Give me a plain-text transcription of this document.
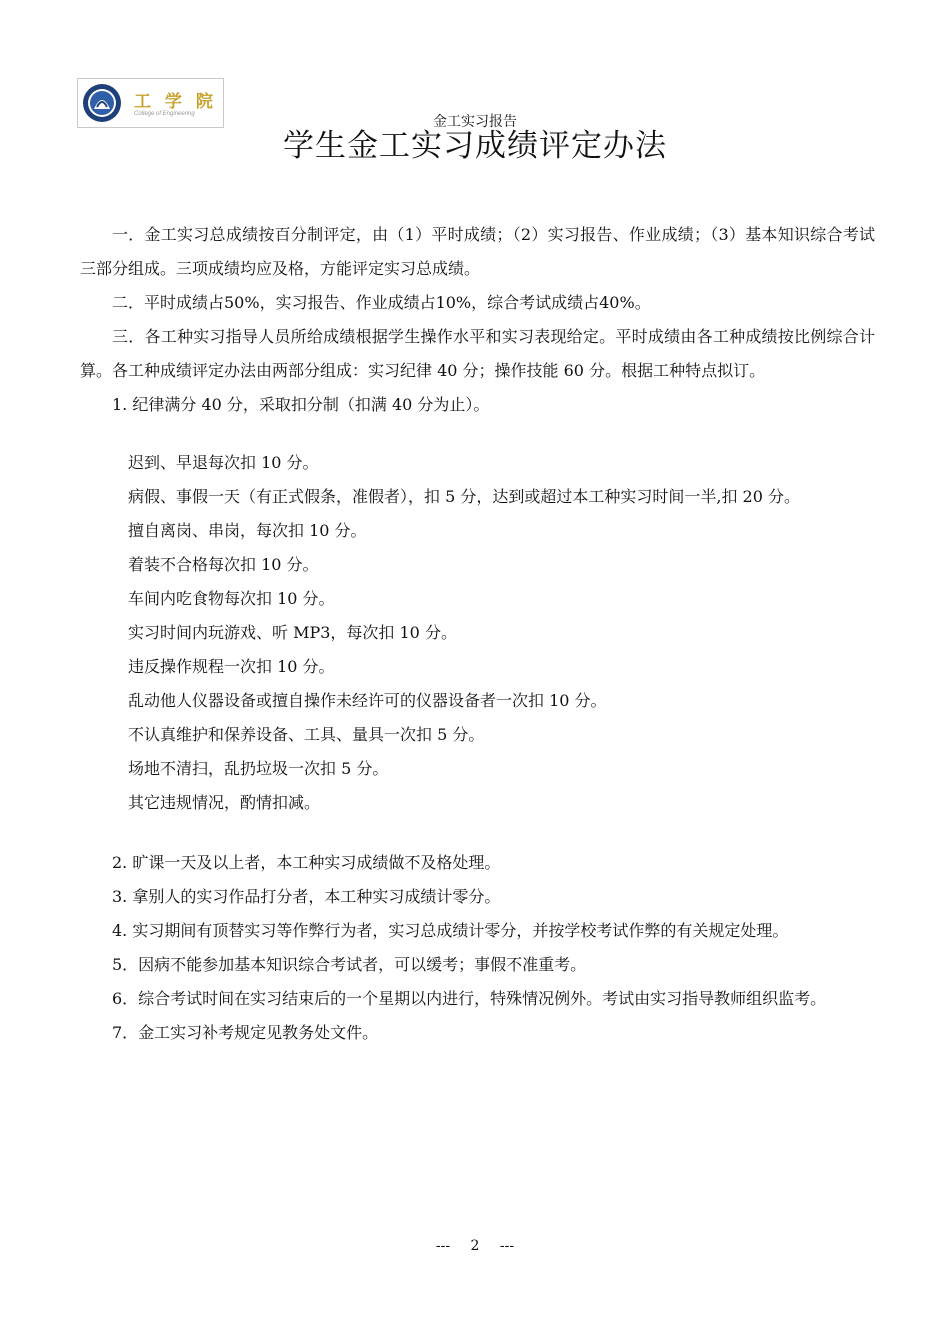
工 学 院
College of Engineering	金工实习报告
学生金工实习成绩评定办法

一．金工实习总成绩按百分制评定，由（1）平时成绩；（2）实习报告、作业成绩；（3）基本知识综合考试三部分组成。三项成绩均应及格，方能评定实习总成绩。

二．平时成绩占50%，实习报告、作业成绩占10%，综合考试成绩占40%。

三．各工种实习指导人员所给成绩根据学生操作水平和实习表现给定。平时成绩由各工种成绩按比例综合计算。各工种成绩评定办法由两部分组成：实习纪律 40 分；操作技能 60 分。根据工种特点拟订。

1. 纪律满分 40 分，采取扣分制（扣满 40 分为止）。

迟到、早退每次扣 10 分。

病假、事假一天（有正式假条，准假者），扣 5 分，达到或超过本工种实习时间一半,扣 20 分。

擅自离岗、串岗，每次扣 10 分。

着装不合格每次扣 10 分。

车间内吃食物每次扣 10 分。

实习时间内玩游戏、听 MP3，每次扣 10 分。

违反操作规程一次扣 10 分。

乱动他人仪器设备或擅自操作未经许可的仪器设备者一次扣 10 分。

不认真维护和保养设备、工具、量具一次扣 5 分。

场地不清扫，乱扔垃圾一次扣 5 分。

其它违规情况，酌情扣减。

2. 旷课一天及以上者，本工种实习成绩做不及格处理。

3. 拿别人的实习作品打分者，本工种实习成绩计零分。

4. 实习期间有顶替实习等作弊行为者，实习总成绩计零分，并按学校考试作弊的有关规定处理。

5．因病不能参加基本知识综合考试者，可以缓考；事假不准重考。

6．综合考试时间在实习结束后的一个星期以内进行，特殊情况例外。考试由实习指导教师组织监考。

7．金工实习补考规定见教务处文件。

--- 2 ---
